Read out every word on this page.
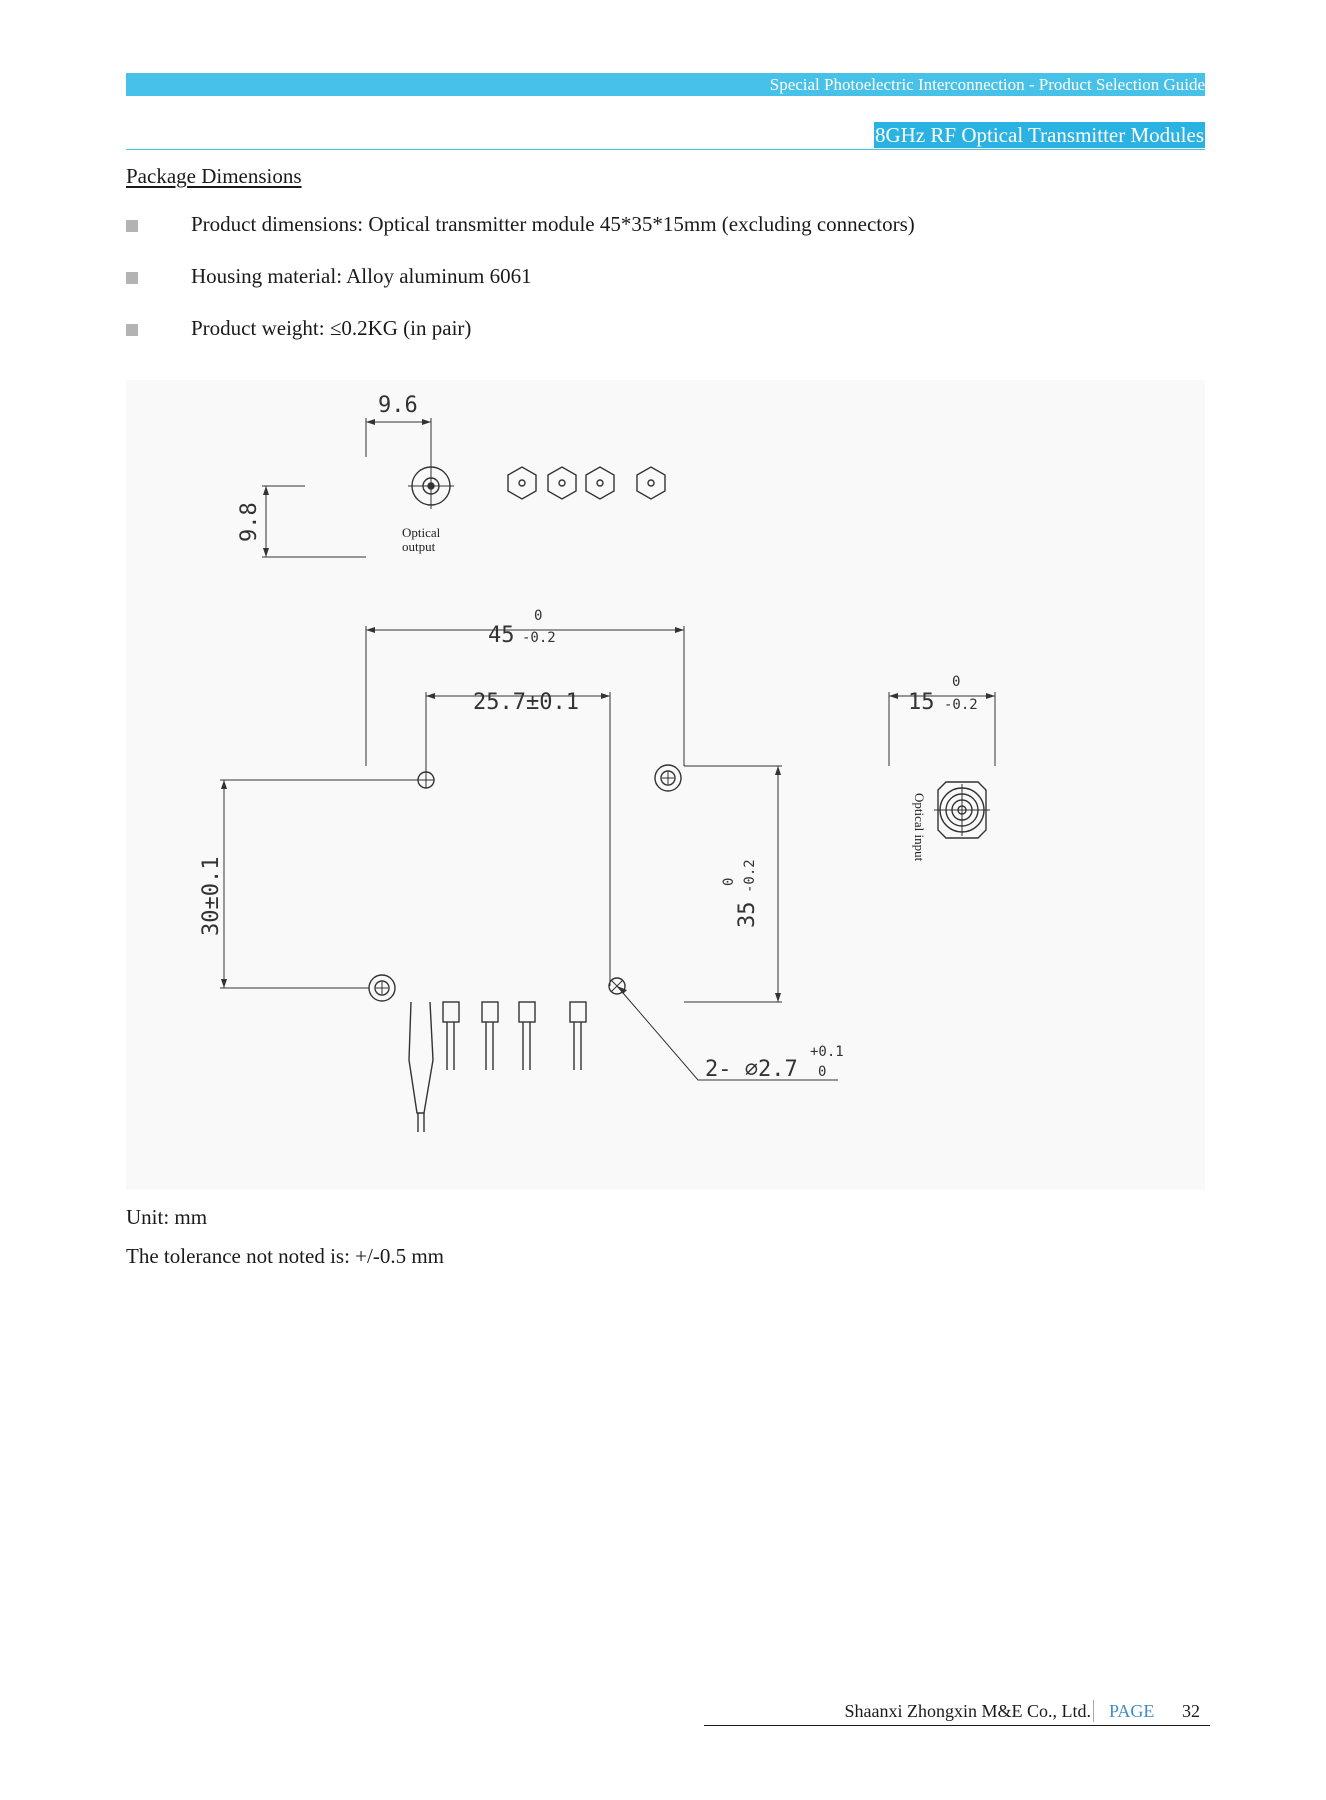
Special Photoelectric Interconnection - Product Selection Guide
8GHz RF Optical Transmitter Modules
Package Dimensions
Product dimensions: Optical transmitter module 45*35*15mm (excluding connectors)
Housing material: Alloy aluminum 6061
Product weight: ≤0.2KG (in pair)
9.6
9.8	Optical
output
45
0
-0.2
25.7±0.1
30±0.1	35
0 -0.2
2- ∅2.7
+0.1
0
15
0
-0.2
Optical input
Unit: mm
The tolerance not noted is: +/-0.5 mm
Shaanxi Zhongxin M&E Co., Ltd. PAGE 32
